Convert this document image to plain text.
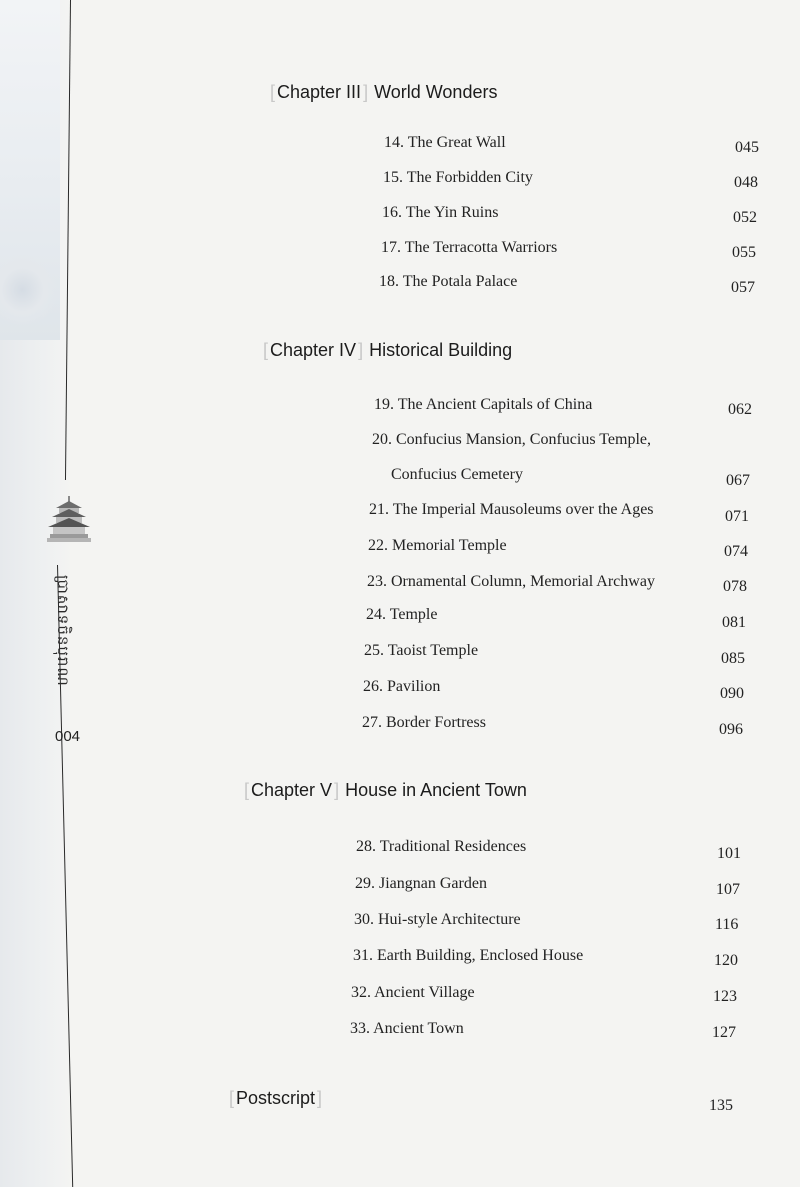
ប្រាសាទចិនបុរាណ
004
[ Chapter III ] World Wonders
14. The Great Wall	045
15. The Forbidden City	048
16. The Yin Ruins	052
17. The Terracotta Warriors	055
18. The Potala Palace	057
[ Chapter IV ] Historical Building
19. The Ancient Capitals of China	062
20. Confucius Mansion, Confucius Temple,
Confucius Cemetery	067
21. The Imperial Mausoleums over the Ages	071
22. Memorial Temple	074
23. Ornamental Column, Memorial Archway	078
24. Temple	081
25. Taoist Temple	085
26. Pavilion	090
27. Border Fortress	096
[ Chapter V ] House in Ancient Town
28. Traditional Residences	101
29. Jiangnan Garden	107
30. Hui-style Architecture	116
31. Earth Building, Enclosed House	120
32. Ancient Village	123
33. Ancient Town	127
[ Postscript ]	135
